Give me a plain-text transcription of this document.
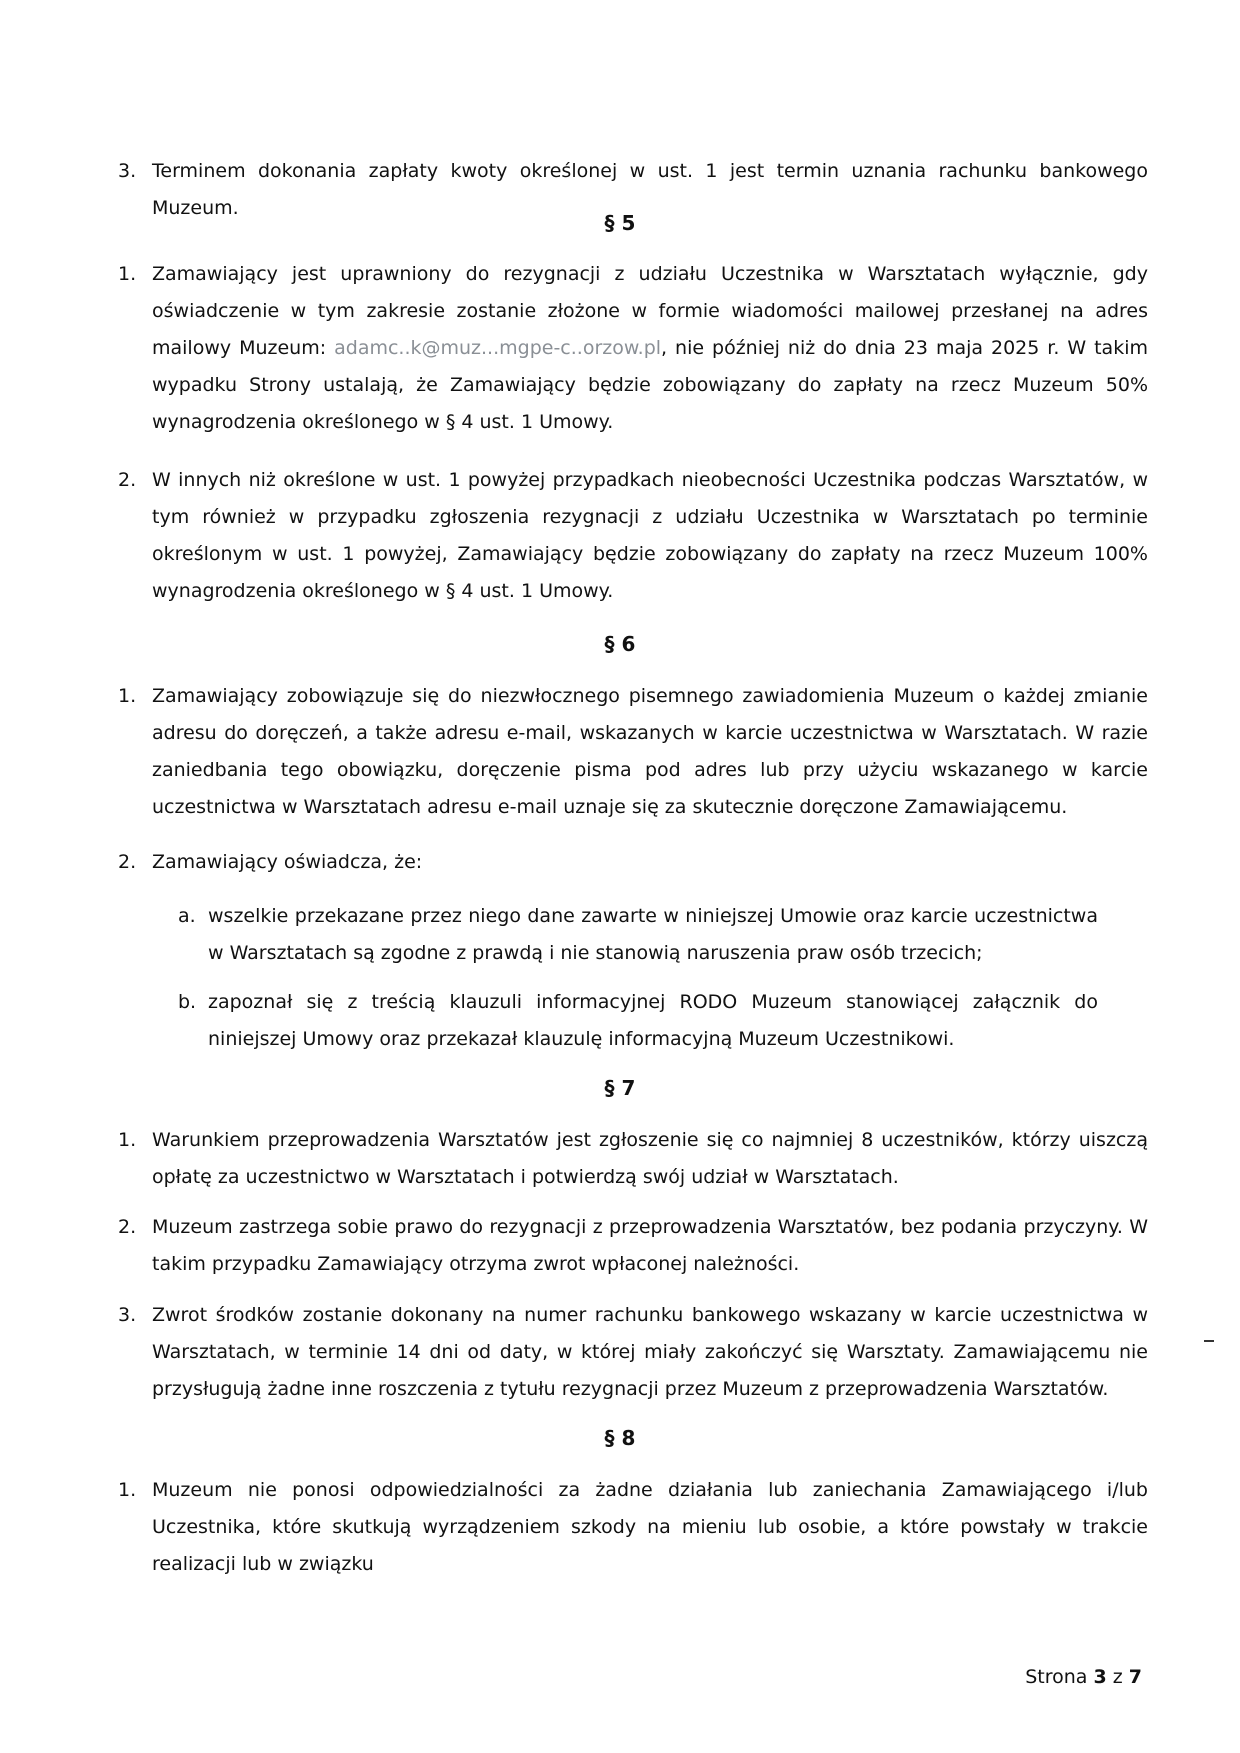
3. Terminem dokonania zapłaty kwoty określonej w ust. 1 jest termin uznania rachunku bankowego Muzeum.

§ 5

1. Zamawiający jest uprawniony do rezygnacji z udziału Uczestnika w Warsztatach wyłącznie, gdy oświadczenie w tym zakresie zostanie złożone w formie wiadomości mailowej przesłanej na adres mailowy Muzeum: adamc..k@muz...mgpe-c..orzow.pl, nie później niż do dnia 23 maja 2025 r. W takim wypadku Strony ustalają, że Zamawiający będzie zobowiązany do zapłaty na rzecz Muzeum 50% wynagrodzenia określonego w § 4 ust. 1 Umowy.

2. W innych niż określone w ust. 1 powyżej przypadkach nieobecności Uczestnika podczas Warsztatów, w tym również w przypadku zgłoszenia rezygnacji z udziału Uczestnika w Warsztatach po terminie określonym w ust. 1 powyżej, Zamawiający będzie zobowiązany do zapłaty na rzecz Muzeum 100% wynagrodzenia określonego w § 4 ust. 1 Umowy.

§ 6

1. Zamawiający zobowiązuje się do niezwłocznego pisemnego zawiadomienia Muzeum o każdej zmianie adresu do doręczeń, a także adresu e-mail, wskazanych w karcie uczestnictwa w Warsztatach. W razie zaniedbania tego obowiązku, doręczenie pisma pod adres lub przy użyciu wskazanego w karcie uczestnictwa w Warsztatach adresu e-mail uznaje się za skutecznie doręczone Zamawiającemu.

2. Zamawiający oświadcza, że:

a. wszelkie przekazane przez niego dane zawarte w niniejszej Umowie oraz karcie uczestnictwa w Warsztatach są zgodne z prawdą i nie stanowią naruszenia praw osób trzecich;

b. zapoznał się z treścią klauzuli informacyjnej RODO Muzeum stanowiącej załącznik do niniejszej Umowy oraz przekazał klauzulę informacyjną Muzeum Uczestnikowi.

§ 7

1. Warunkiem przeprowadzenia Warsztatów jest zgłoszenie się co najmniej 8 uczestników, którzy uiszczą opłatę za uczestnictwo w Warsztatach i potwierdzą swój udział w Warsztatach.

2. Muzeum zastrzega sobie prawo do rezygnacji z przeprowadzenia Warsztatów, bez podania przyczyny. W takim przypadku Zamawiający otrzyma zwrot wpłaconej należności.

3. Zwrot środków zostanie dokonany na numer rachunku bankowego wskazany w karcie uczestnictwa w Warsztatach, w terminie 14 dni od daty, w której miały zakończyć się Warsztaty. Zamawiającemu nie przysługują żadne inne roszczenia z tytułu rezygnacji przez Muzeum z przeprowadzenia Warsztatów.

§ 8

1. Muzeum nie ponosi odpowiedzialności za żadne działania lub zaniechania Zamawiającego i/lub Uczestnika, które skutkują wyrządzeniem szkody na mieniu lub osobie, a które powstały w trakcie realizacji lub w związku

Strona 3 z 7
